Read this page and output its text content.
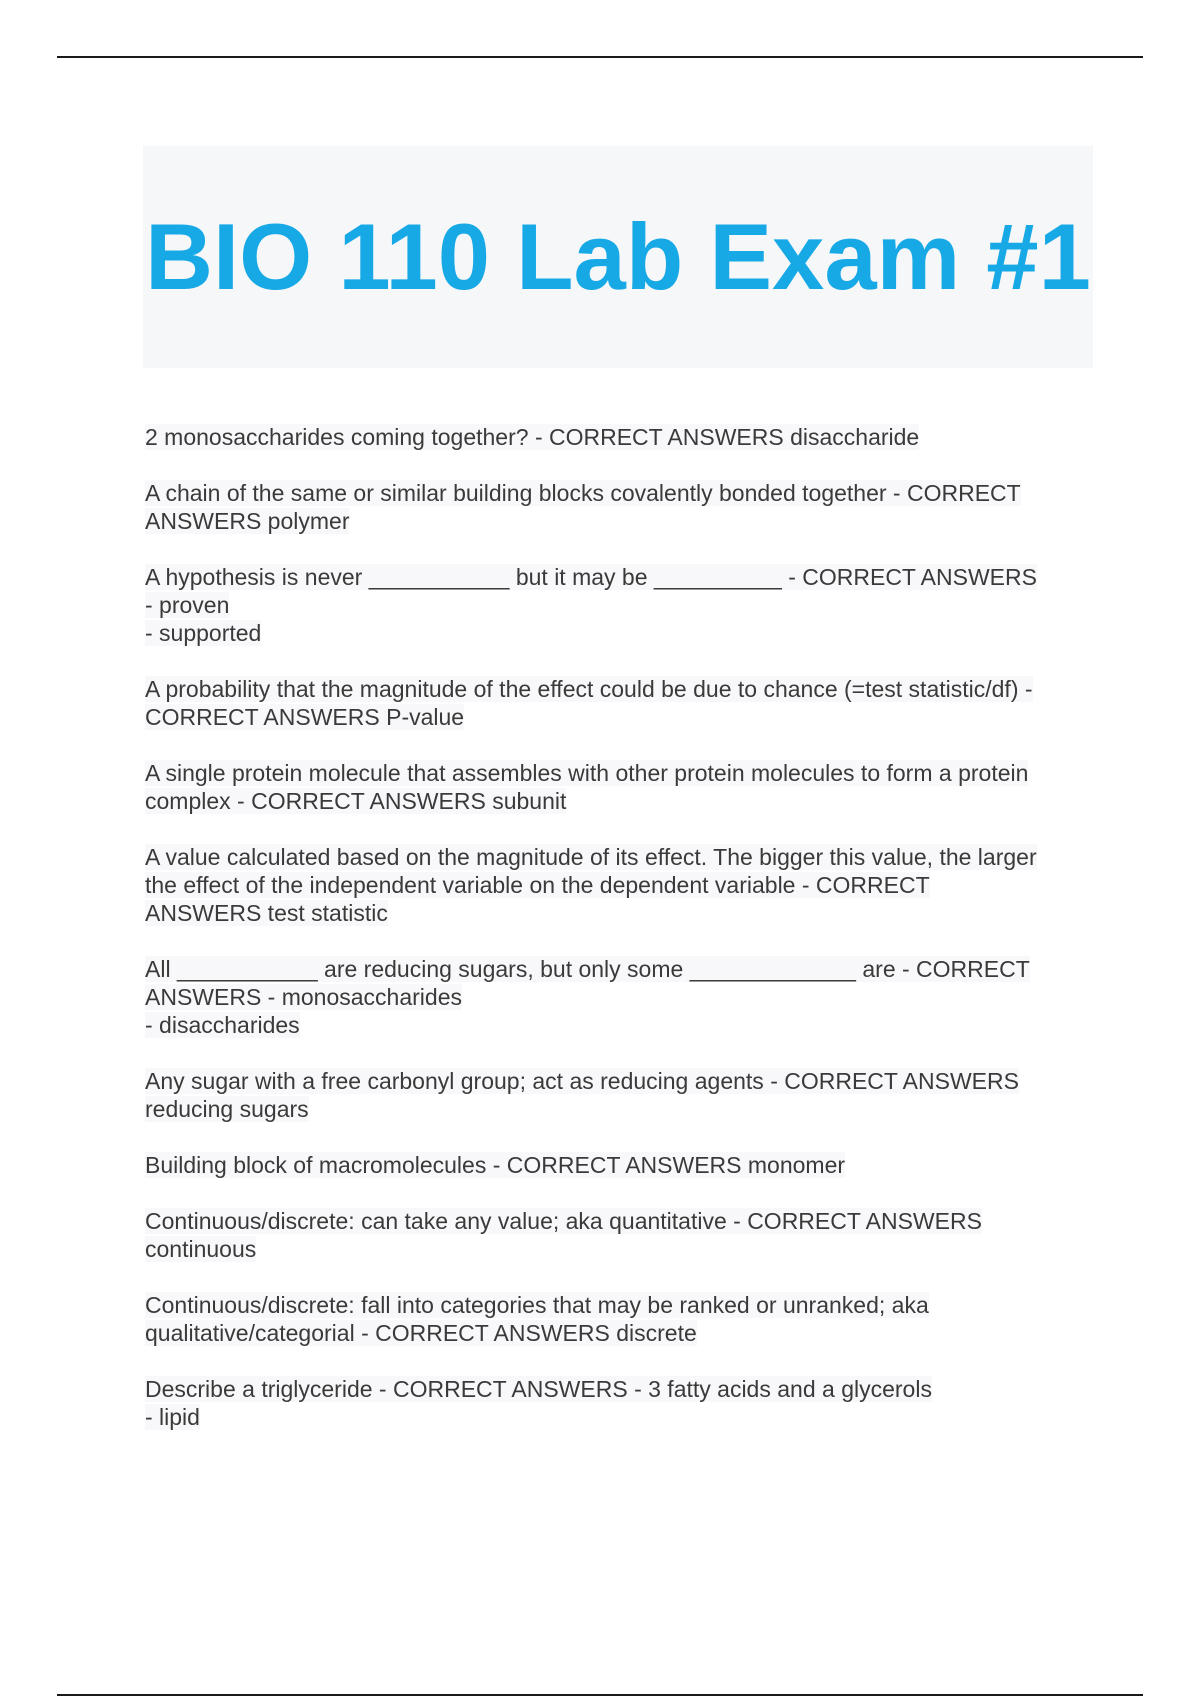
BIO 110 Lab Exam #1
2 monosaccharides coming together? - CORRECT ANSWERS disaccharide
A chain of the same or similar building blocks covalently bonded together - CORRECT
ANSWERS polymer
A hypothesis is never ___________ but it may be __________ - CORRECT ANSWERS
- proven
- supported
A probability that the magnitude of the effect could be due to chance (=test statistic/df) -
CORRECT ANSWERS P-value
A single protein molecule that assembles with other protein molecules to form a protein
complex - CORRECT ANSWERS subunit
A value calculated based on the magnitude of its effect. The bigger this value, the larger
the effect of the independent variable on the dependent variable - CORRECT
ANSWERS test statistic
All ___________ are reducing sugars, but only some _____________ are - CORRECT
ANSWERS - monosaccharides
- disaccharides
Any sugar with a free carbonyl group; act as reducing agents - CORRECT ANSWERS
reducing sugars
Building block of macromolecules - CORRECT ANSWERS monomer
Continuous/discrete: can take any value; aka quantitative - CORRECT ANSWERS
continuous
Continuous/discrete: fall into categories that may be ranked or unranked; aka
qualitative/categorial - CORRECT ANSWERS discrete
Describe a triglyceride - CORRECT ANSWERS - 3 fatty acids and a glycerols
- lipid
